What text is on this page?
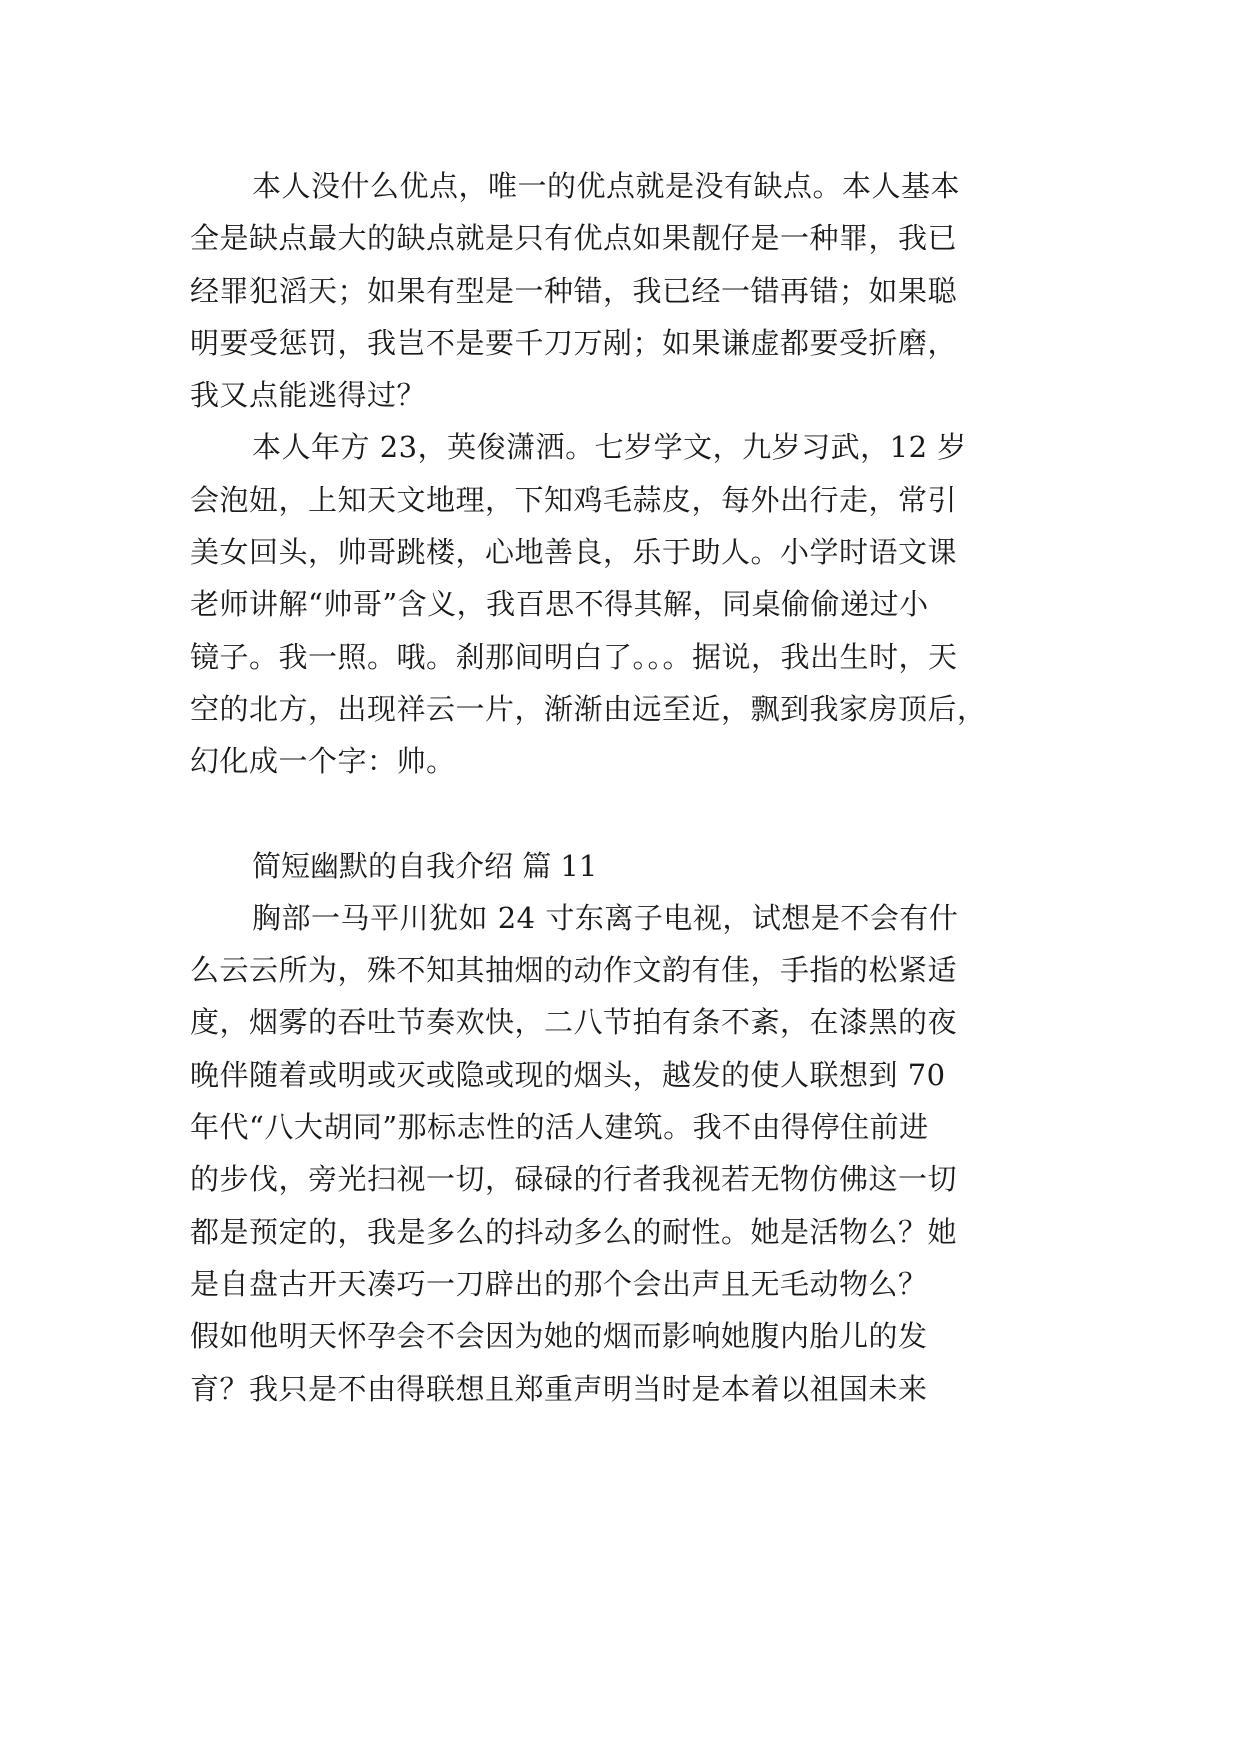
本人没什么优点，唯一的优点就是没有缺点。本人基本
全是缺点最大的缺点就是只有优点如果靓仔是一种罪，我已
经罪犯滔天；如果有型是一种错，我已经一错再错；如果聪
明要受惩罚，我岂不是要千刀万剐；如果谦虚都要受折磨，
我又点能逃得过？
本人年方 23，英俊潇洒。七岁学文，九岁习武，12 岁
会泡妞，上知天文地理，下知鸡毛蒜皮，每外出行走，常引
美女回头，帅哥跳楼，心地善良，乐于助人。小学时语文课
老师讲解“帅哥”含义，我百思不得其解，同桌偷偷递过小
镜子。我一照。哦。刹那间明白了。。。据说，我出生时，天
空的北方，出现祥云一片，渐渐由远至近，飘到我家房顶后，
幻化成一个字：帅。
简短幽默的自我介绍 篇 11
胸部一马平川犹如 24 寸东离子电视，试想是不会有什
么云云所为，殊不知其抽烟的动作文韵有佳，手指的松紧适
度，烟雾的吞吐节奏欢快，二八节拍有条不紊，在漆黑的夜
晚伴随着或明或灭或隐或现的烟头，越发的使人联想到 70
年代“八大胡同”那标志性的活人建筑。我不由得停住前进
的步伐，旁光扫视一切，碌碌的行者我视若无物仿佛这一切
都是预定的，我是多么的抖动多么的耐性。她是活物么？她
是自盘古开天凑巧一刀辟出的那个会出声且无毛动物么？
假如他明天怀孕会不会因为她的烟而影响她腹内胎儿的发
育？我只是不由得联想且郑重声明当时是本着以祖国未来
